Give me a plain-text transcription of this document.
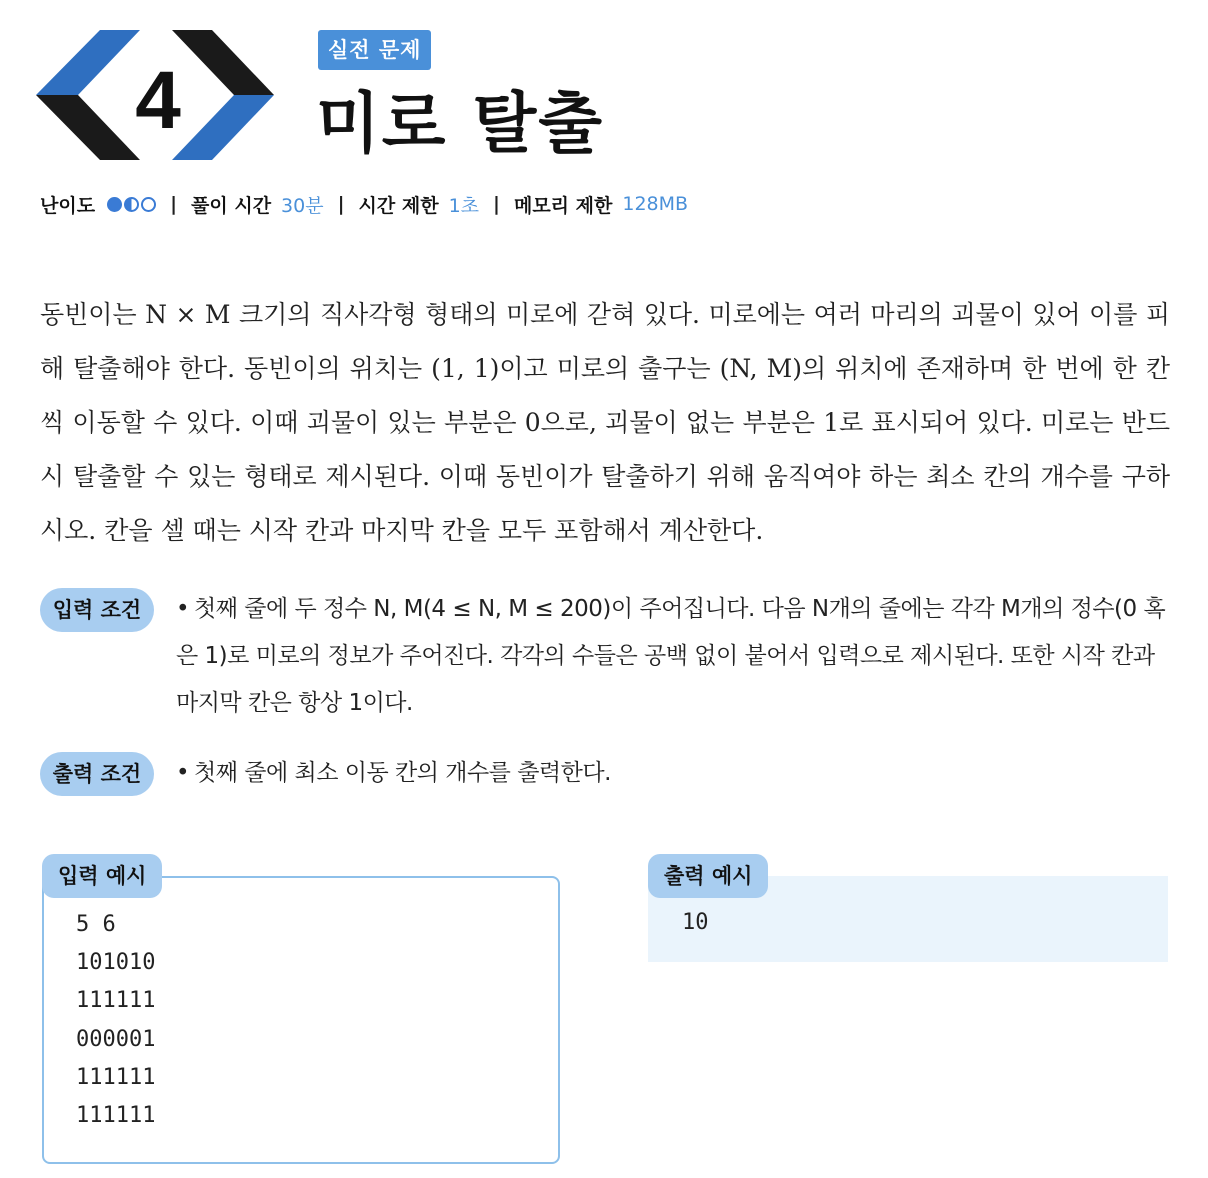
4
실전 문제
미로 탈출
난이도	| 풀이 시간 30분 | 시간 제한 1초 | 메모리 제한 128MB

동빈이는 N × M 크기의 직사각형 형태의 미로에 갇혀 있다. 미로에는 여러 마리의 괴물이 있어 이를 피해 탈출해야 한다. 동빈이의 위치는 (1, 1)이고 미로의 출구는 (N, M)의 위치에 존재하며 한 번에 한 칸씩 이동할 수 있다. 이때 괴물이 있는 부분은 0으로, 괴물이 없는 부분은 1로 표시되어 있다. 미로는 반드시 탈출할 수 있는 형태로 제시된다. 이때 동빈이가 탈출하기 위해 움직여야 하는 최소 칸의 개수를 구하시오. 칸을 셀 때는 시작 칸과 마지막 칸을 모두 포함해서 계산한다.

입력 조건	• 첫째 줄에 두 정수 N, M(4 ≤ N, M ≤ 200)이 주어집니다. 다음 N개의 줄에는 각각 M개의 정수(0 혹은 1)로 미로의 정보가 주어진다. 각각의 수들은 공백 없이 붙어서 입력으로 제시된다. 또한 시작 칸과 마지막 칸은 항상 1이다.
출력 조건	• 첫째 줄에 최소 이동 칸의 개수를 출력한다.
입력 예시
5 6
101010
111111
000001
111111
111111
출력 예시
10
